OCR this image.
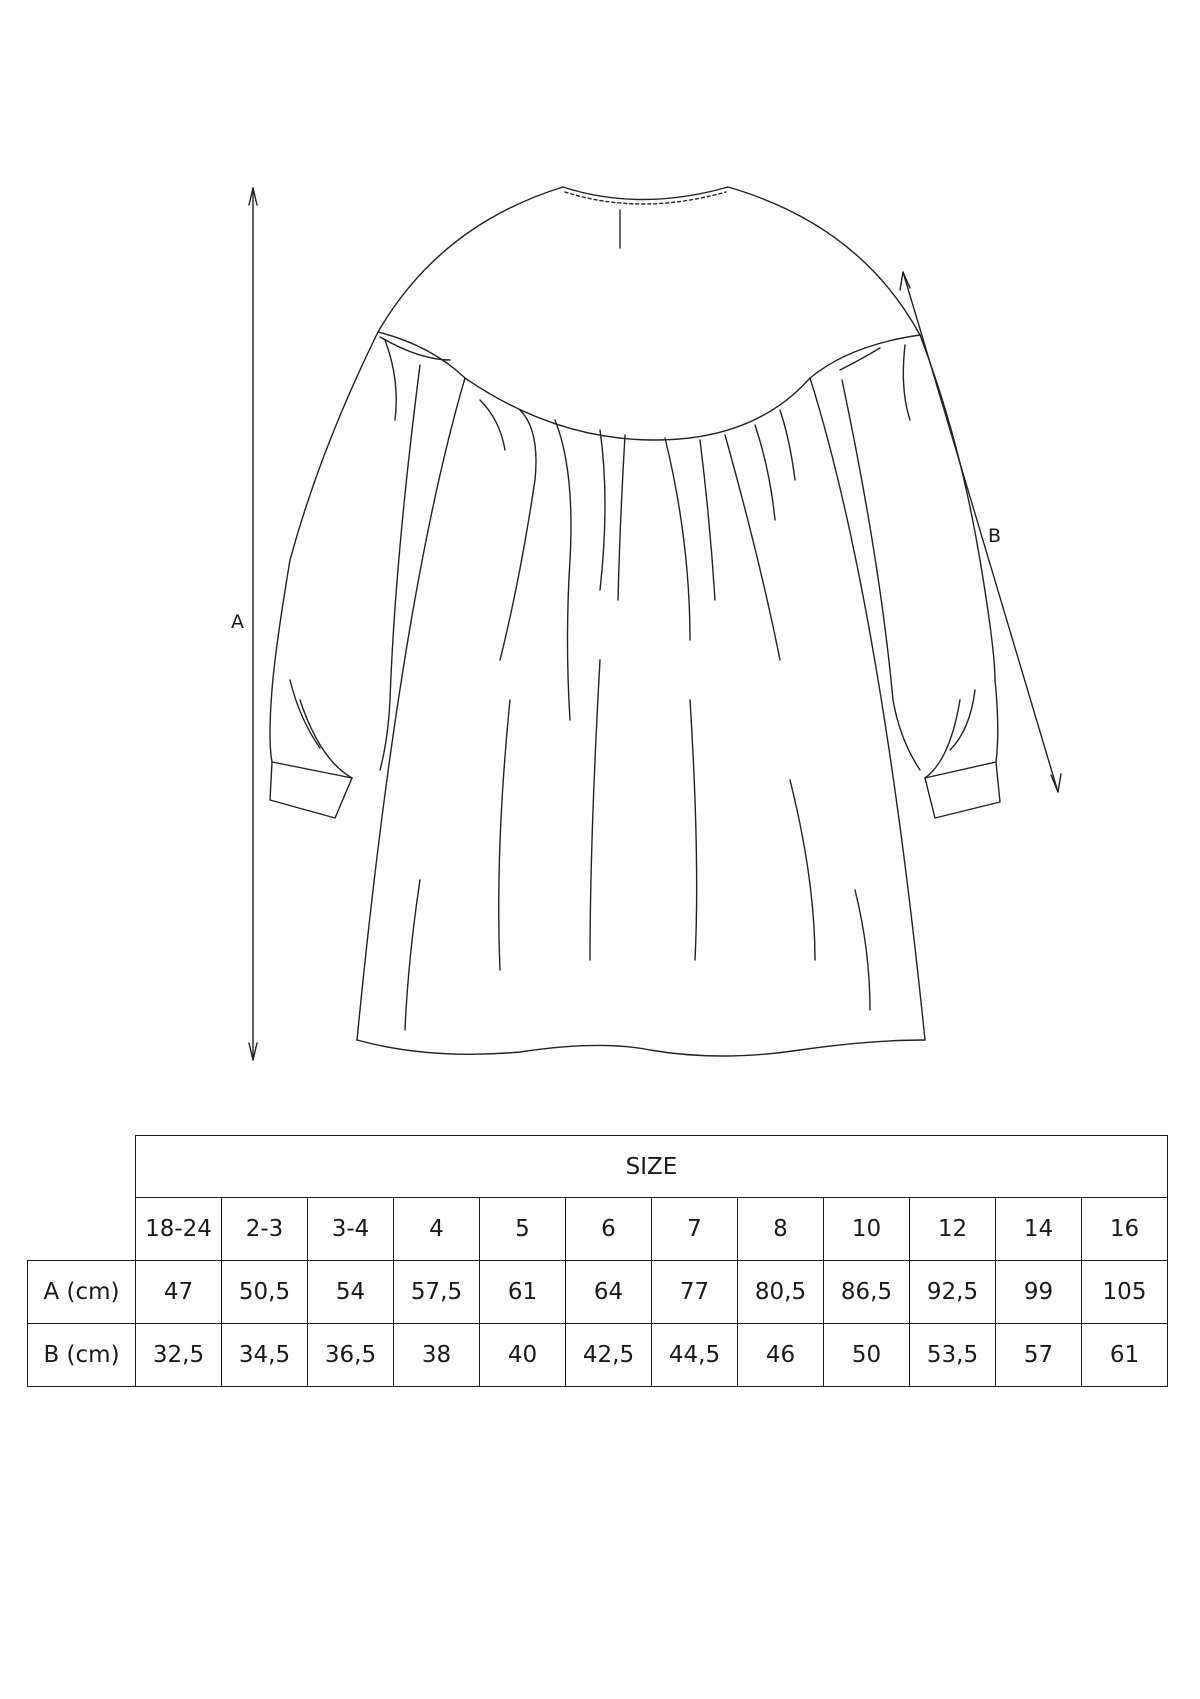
A
B
	SIZE											
	18-24	2-3	3-4	4	5	6	7	8	10	12	14	16
A (cm)	47	50,5	54	57,5	61	64	77	80,5	86,5	92,5	99	105
B (cm)	32,5	34,5	36,5	38	40	42,5	44,5	46	50	53,5	57	61
